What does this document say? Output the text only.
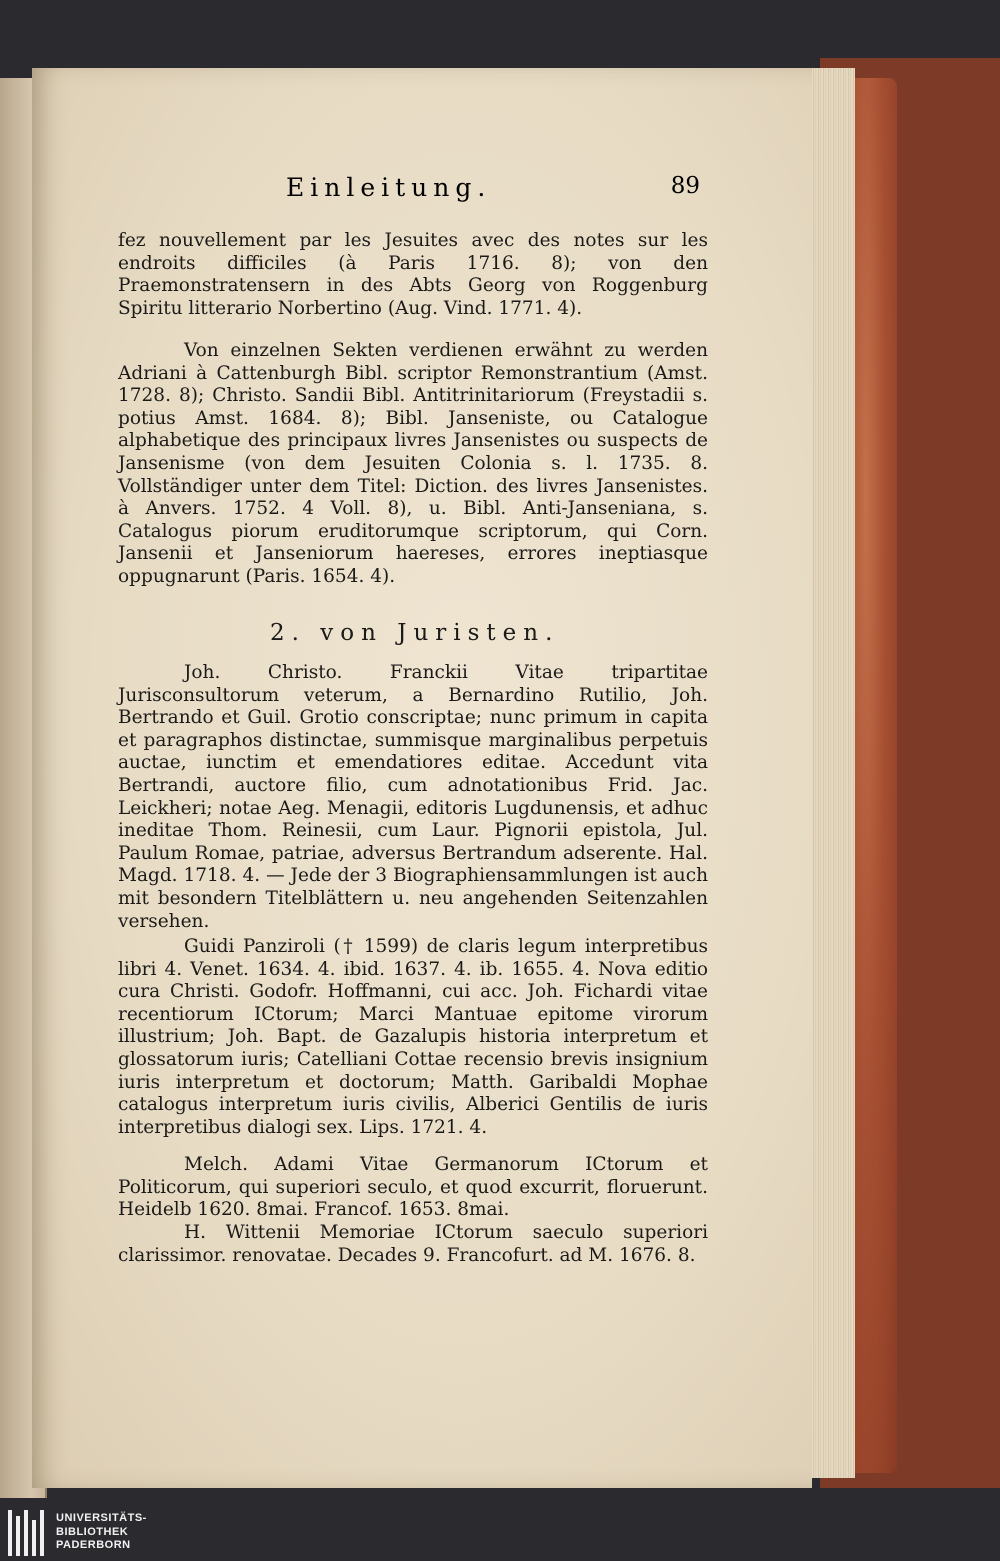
Einleitung.	89

fez nouvellement par les Jesuites avec des notes sur les endroits difficiles (à Paris 1716. 8); von den Praemonstratensern in des Abts Georg von Roggenburg Spiritu litterario Norbertino (Aug. Vind. 1771. 4).

Von einzelnen Sekten verdienen erwähnt zu werden Adriani à Cattenburgh Bibl. scriptor Remonstrantium (Amst. 1728. 8); Christo. Sandii Bibl. Antitrinitariorum (Freystadii s. potius Amst. 1684. 8); Bibl. Janseniste, ou Catalogue alphabetique des principaux livres Jansenistes ou suspects de Jansenisme (von dem Jesuiten Colonia s. l. 1735. 8. Vollständiger unter dem Titel: Diction. des livres Jansenistes. à Anvers. 1752. 4 Voll. 8), u. Bibl. Anti-Janseniana, s. Catalogus piorum eruditorumque scriptorum, qui Corn. Jansenii et Janseniorum haereses, errores ineptiasque oppugnarunt (Paris. 1654. 4).

2. von Juristen.

Joh. Christo. Franckii Vitae tripartitae Jurisconsultorum veterum, a Bernardino Rutilio, Joh. Bertrando et Guil. Grotio conscriptae; nunc primum in capita et paragraphos distinctae, summisque marginalibus perpetuis auctae, iunctim et emendatiores editae. Accedunt vita Bertrandi, auctore filio, cum adnotationibus Frid. Jac. Leickheri; notae Aeg. Menagii, editoris Lugdunensis, et adhuc ineditae Thom. Reinesii, cum Laur. Pignorii epistola, Jul. Paulum Romae, patriae, adversus Bertrandum adserente. Hal. Magd. 1718. 4. — Jede der 3 Biographiensammlungen ist auch mit besondern Titelblättern u. neu angehenden Seitenzahlen versehen.

Guidi Panziroli († 1599) de claris legum interpretibus libri 4. Venet. 1634. 4. ibid. 1637. 4. ib. 1655. 4. Nova editio cura Christi. Godofr. Hoffmanni, cui acc. Joh. Fichardi vitae recentiorum ICtorum; Marci Mantuae epitome virorum illustrium; Joh. Bapt. de Gazalupis historia interpretum et glossatorum iuris; Catelliani Cottae recensio brevis insignium iuris interpretum et doctorum; Matth. Garibaldi Mophae catalogus interpretum iuris civilis, Alberici Gentilis de iuris interpretibus dialogi sex. Lips. 1721. 4.

Melch. Adami Vitae Germanorum ICtorum et Politicorum, qui superiori seculo, et quod excurrit, floruerunt. Heidelb 1620. 8mai. Francof. 1653. 8mai.

H. Wittenii Memoriae ICtorum saeculo superiori clarissimor. renovatae. Decades 9. Francofurt. ad M. 1676. 8.

UNIVERSITÄTS-
BIBLIOTHEK
PADERBORN
